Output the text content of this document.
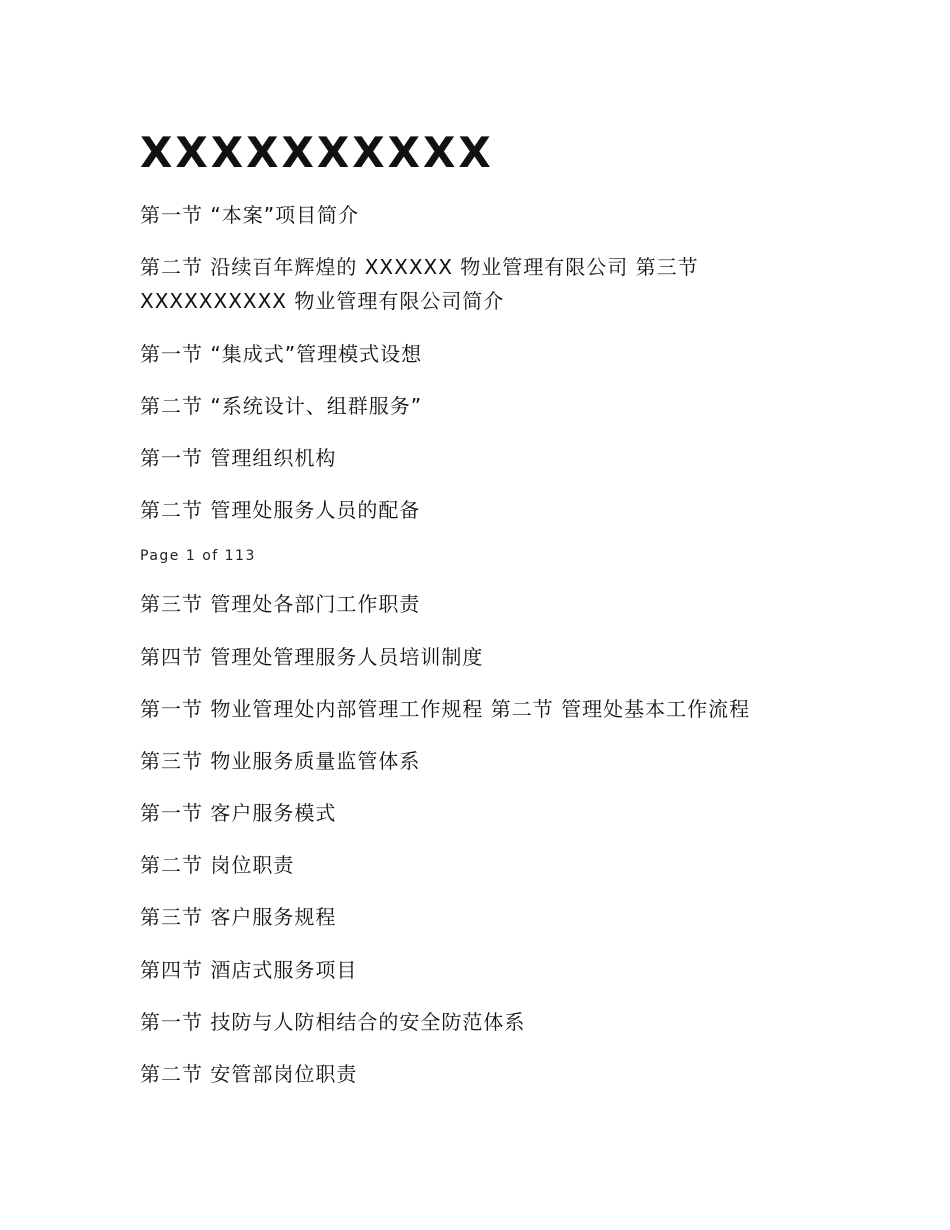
XXXXXXXXXX

第一节 “本案”项目简介

第二节 沿续百年辉煌的 XXXXXX 物业管理有限公司 第三节 XXXXXXXXXX 物业管理有限公司简介

第一节 “集成式”管理模式设想

第二节 “系统设计、组群服务”

第一节 管理组织机构

第二节 管理处服务人员的配备

Page 1 of 113

第三节 管理处各部门工作职责

第四节 管理处管理服务人员培训制度

第一节 物业管理处内部管理工作规程 第二节 管理处基本工作流程

第三节 物业服务质量监管体系

第一节 客户服务模式

第二节 岗位职责

第三节 客户服务规程

第四节 酒店式服务项目

第一节 技防与人防相结合的安全防范体系

第二节 安管部岗位职责
